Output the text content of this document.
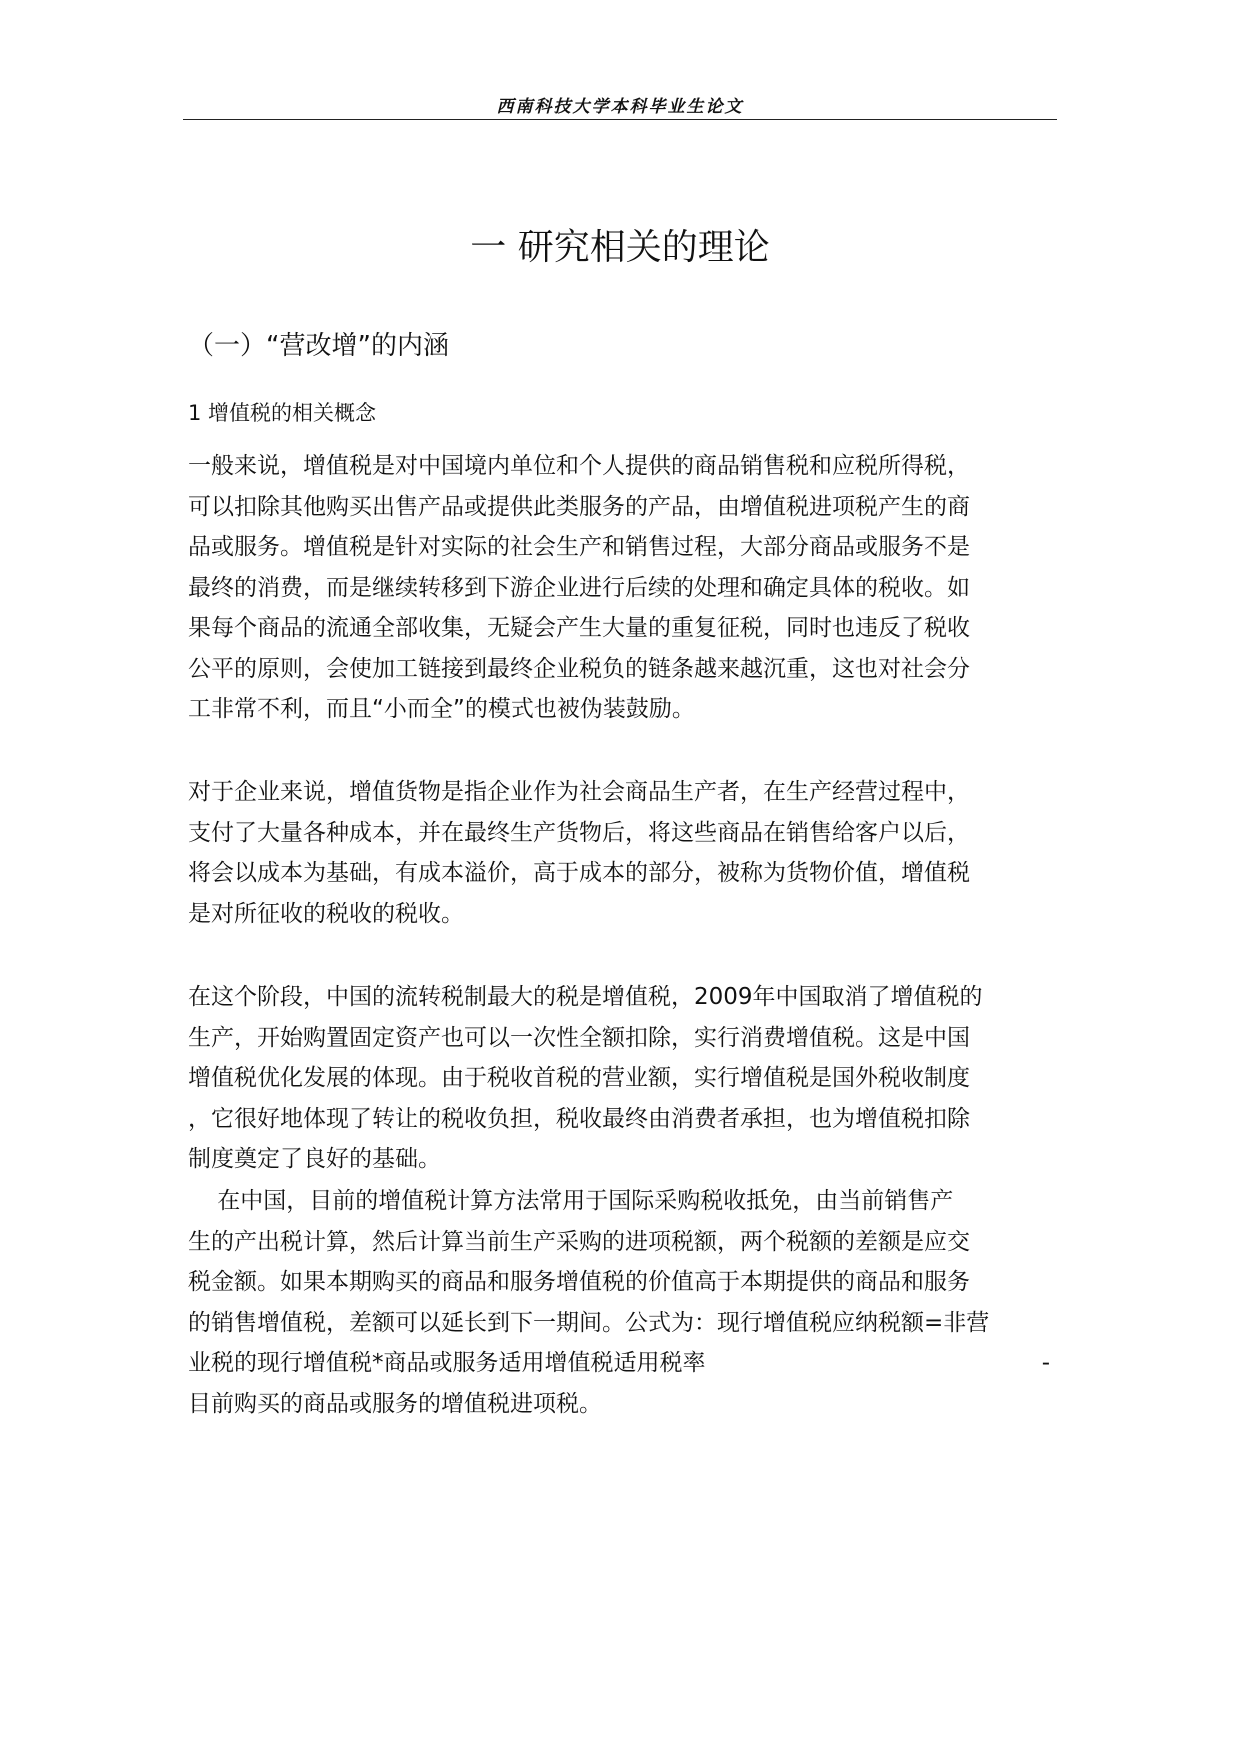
西南科技大学本科毕业生论文
一 研究相关的理论
（一）“营改增”的内涵
1 增值税的相关概念
一般来说，增值税是对中国境内单位和个人提供的商品销售税和应税所得税，
可以扣除其他购买出售产品或提供此类服务的产品，由增值税进项税产生的商
品或服务。增值税是针对实际的社会生产和销售过程，大部分商品或服务不是
最终的消费，而是继续转移到下游企业进行后续的处理和确定具体的税收。如
果每个商品的流通全部收集，无疑会产生大量的重复征税，同时也违反了税收
公平的原则，会使加工链接到最终企业税负的链条越来越沉重，这也对社会分
工非常不利，而且“小而全”的模式也被伪装鼓励。
对于企业来说，增值货物是指企业作为社会商品生产者，在生产经营过程中，
支付了大量各种成本，并在最终生产货物后，将这些商品在销售给客户以后，
将会以成本为基础，有成本溢价，高于成本的部分，被称为货物价值，增值税
是对所征收的税收的税收。
在这个阶段，中国的流转税制最大的税是增值税，2009年中国取消了增值税的
生产，开始购置固定资产也可以一次性全额扣除，实行消费增值税。这是中国
增值税优化发展的体现。由于税收首税的营业额，实行增值税是国外税收制度
，它很好地体现了转让的税收负担，税收最终由消费者承担，也为增值税扣除
制度奠定了良好的基础。
在中国，目前的增值税计算方法常用于国际采购税收抵免，由当前销售产
生的产出税计算，然后计算当前生产采购的进项税额，两个税额的差额是应交
税金额。如果本期购买的商品和服务增值税的价值高于本期提供的商品和服务
的销售增值税，差额可以延长到下一期间。公式为：现行增值税应纳税额=非营
业税的现行增值税*商品或服务适用增值税适用税率	-
目前购买的商品或服务的增值税进项税。
